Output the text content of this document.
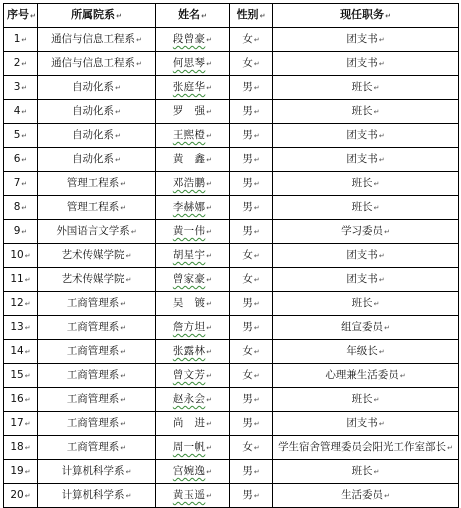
序号↵	所属院系↵	姓名↵	性别↵	现任职务↵
1↵	通信与信息工程系↵	段曾豪↵	女↵	团支书↵
2↵	通信与信息工程系↵	何思琴↵	女↵	团支书↵
3↵	自动化系↵	张庭华↵	男↵	班长↵
4↵	自动化系↵	罗　强↵	男↵	班长↵
5↵	自动化系↵	王熙橙↵	男↵	团支书↵
6↵	自动化系↵	黄　鑫↵	男↵	团支书↵
7↵	管理工程系↵	邓浩鹏↵	男↵	班长↵
8↵	管理工程系↵	李赫娜↵	男↵	班长↵
9↵	外国语言文学系↵	黄一伟↵	男↵	学习委员↵
10↵	艺术传媒学院↵	胡星宇↵	女↵	团支书↵
11↵	艺术传媒学院↵	曾家豪↵	女↵	团支书↵
12↵	工商管理系↵	吴　镀↵	男↵	班长↵
13↵	工商管理系↵	詹方坦↵	男↵	组宣委员↵
14↵	工商管理系↵	张露林↵	女↵	年级长↵
15↵	工商管理系↵	曾文芳↵	女↵	心理兼生活委员↵
16↵	工商管理系↵	赵永会↵	男↵	班长↵
17↵	工商管理系↵	尚　进↵	男↵	团支书↵
18↵	工商管理系↵	周一帆↵	女↵	学生宿舍管理委员会阳光工作室部长↵
19↵	计算机科学系↵	宫婉逸↵	男↵	班长↵
20↵	计算机科学系↵	黄玉遥↵	男↵	生活委员↵
